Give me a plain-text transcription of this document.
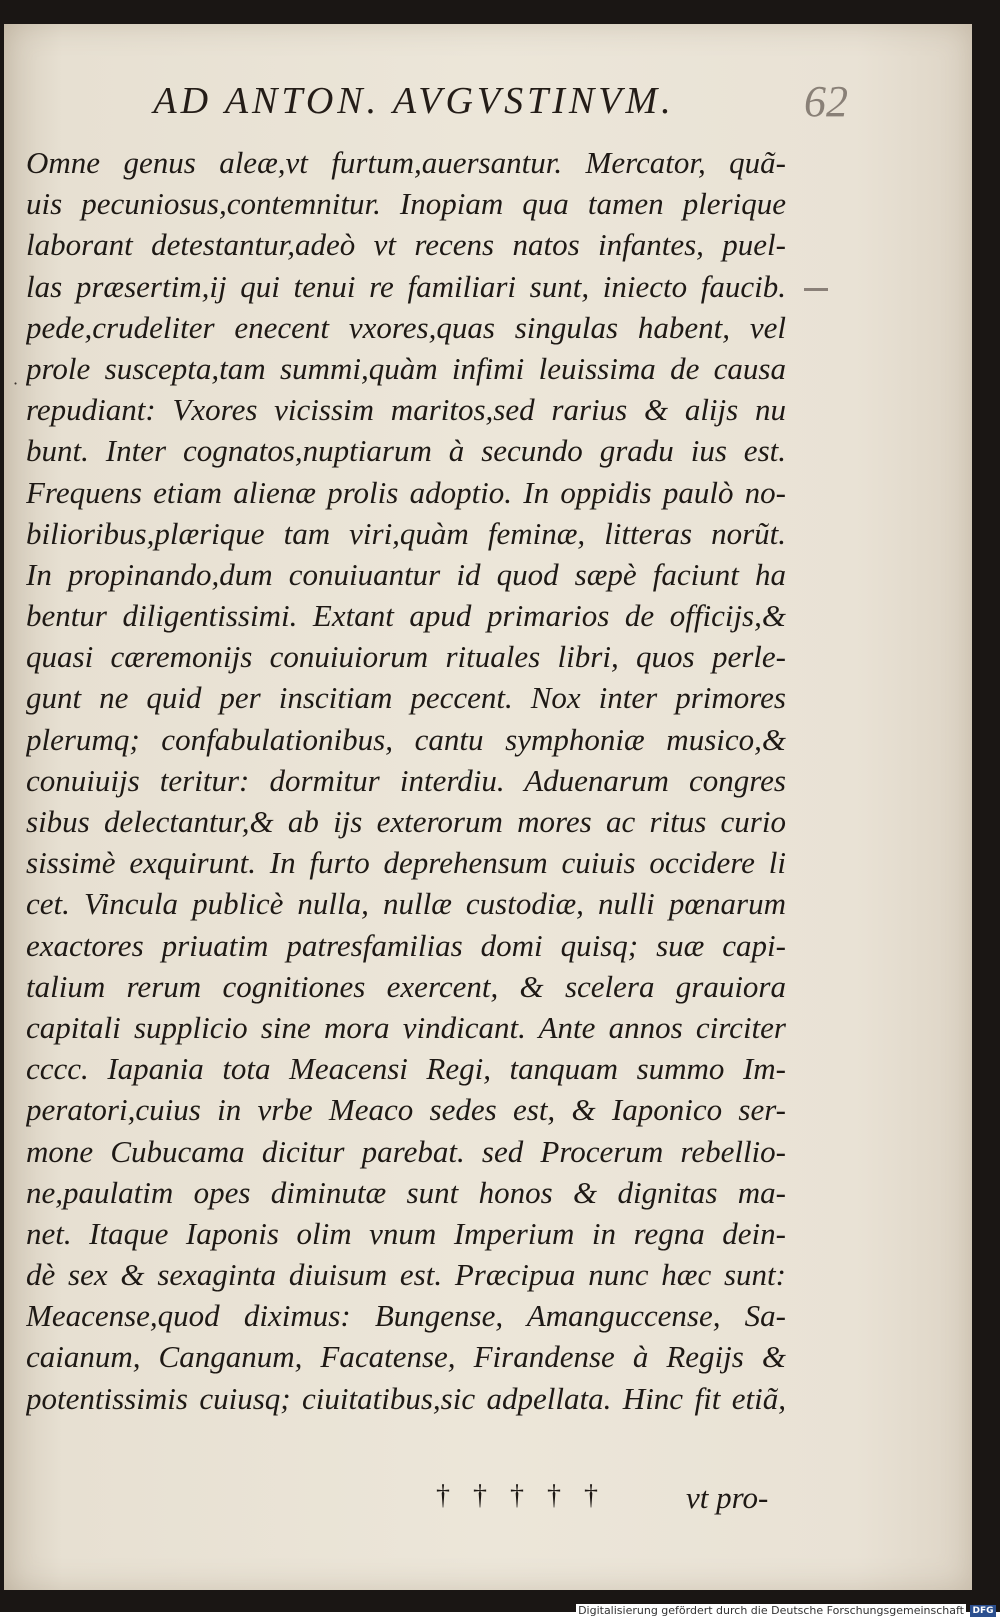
AD ANTON. AVGVSTINVM.	62
·
Omne genus aleæ,vt furtum,auersantur. Mercator, quã-
uis pecuniosus,contemnitur. Inopiam qua tamen plerique
laborant detestantur,adeò vt recens natos infantes, puel-
las præsertim,ij qui tenui re familiari sunt, iniecto faucib.
pede,crudeliter enecent vxores,quas singulas habent, vel
prole suscepta,tam summi,quàm infimi leuissima de causa
repudiant: Vxores vicissim maritos,sed rarius & alijs nu
bunt. Inter cognatos,nuptiarum à secundo gradu ius est.
Frequens etiam alienæ prolis adoptio. In oppidis paulò no-
bilioribus,plærique tam viri,quàm feminæ, litteras norũt.
In propinando,dum conuiuantur id quod sæpè faciunt ha
bentur diligentissimi. Extant apud primarios de officijs,&
quasi cæremonijs conuiuiorum rituales libri, quos perle-
gunt ne quid per inscitiam peccent. Nox inter primores
plerumq; confabulationibus, cantu symphoniæ musico,&
conuiuijs teritur: dormitur interdiu. Aduenarum congres
sibus delectantur,& ab ijs exterorum mores ac ritus curio
sissimè exquirunt. In furto deprehensum cuiuis occidere li
cet. Vincula publicè nulla, nullæ custodiæ, nulli pœnarum
exactores priuatim patresfamilias domi quisq; suæ capi-
talium rerum cognitiones exercent, & scelera grauiora
capitali supplicio sine mora vindicant. Ante annos circiter
cccc. Iapania tota Meacensi Regi, tanquam summo Im-
peratori,cuius in vrbe Meaco sedes est, & Iaponico ser-
mone Cubucama dicitur parebat. sed Procerum rebellio-
ne,paulatim opes diminutæ sunt honos & dignitas ma-
net. Itaque Iaponis olim vnum Imperium in regna dein-
dè sex & sexaginta diuisum est. Præcipua nunc hæc sunt:
Meacense,quod diximus: Bungense, Amanguccense, Sa-
caianum, Canganum, Facatense, Firandense à Regijs &
potentissimis cuiusq; ciuitatibus,sic adpellata. Hinc fit etiã,
† † † † †	vt pro-
Digitalisierung gefördert durch die Deutsche Forschungsgemeinschaft DFG
